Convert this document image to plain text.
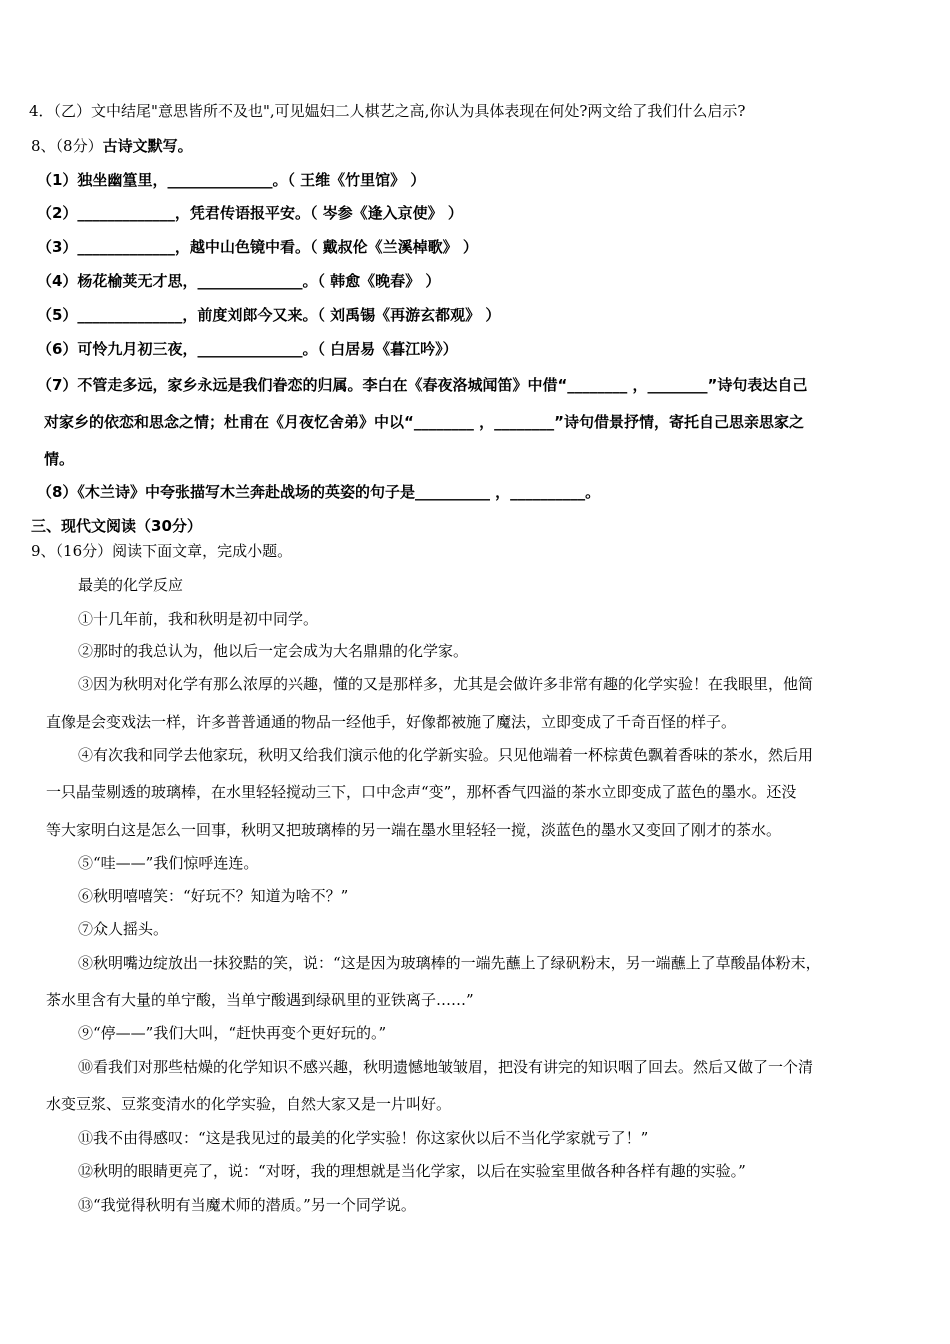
4．（乙）文中结尾"意思皆所不及也",可见媪妇二人棋艺之高,你认为具体表现在何处?两文给了我们什么启示?
8、（8分）古诗文默写。
（1）独坐幽篁里，______________。（ 王维《竹里馆》 ）
（2）_____________，凭君传语报平安。（ 岑参《逢入京使》 ）
（3）_____________，越中山色镜中看。（ 戴叔伦《兰溪棹歌》 ）
（4）杨花榆荚无才思，______________。（ 韩愈《晚春》 ）
（5）______________，前度刘郎今又来。（ 刘禹锡《再游玄都观》 ）
（6）可怜九月初三夜，______________。（ 白居易《暮江吟》）
（7）不管走多远，家乡永远是我们眷恋的归属。李白在《春夜洛城闻笛》中借“________ ，________”诗句表达自己
对家乡的依恋和思念之情；杜甫在《月夜忆舍弟》中以“________ ，________”诗句借景抒情，寄托自己思亲思家之
情。
（8）《木兰诗》中夸张描写木兰奔赴战场的英姿的句子是__________ ，__________。
三、现代文阅读（30分）
9、（16分）阅读下面文章，完成小题。
最美的化学反应
①十几年前，我和秋明是初中同学。
②那时的我总认为，他以后一定会成为大名鼎鼎的化学家。
③因为秋明对化学有那么浓厚的兴趣，懂的又是那样多，尤其是会做许多非常有趣的化学实验！在我眼里，他简
直像是会变戏法一样，许多普普通通的物品一经他手，好像都被施了魔法，立即变成了千奇百怪的样子。
④有次我和同学去他家玩，秋明又给我们演示他的化学新实验。只见他端着一杯棕黄色飘着香味的茶水，然后用
一只晶莹剔透的玻璃棒，在水里轻轻搅动三下，口中念声“变”，那杯香气四溢的茶水立即变成了蓝色的墨水。还没
等大家明白这是怎么一回事，秋明又把玻璃棒的另一端在墨水里轻轻一搅，淡蓝色的墨水又变回了刚才的茶水。
⑤“哇——”我们惊呼连连。
⑥秋明嘻嘻笑：“好玩不？知道为啥不？”
⑦众人摇头。
⑧秋明嘴边绽放出一抹狡黠的笑，说：“这是因为玻璃棒的一端先蘸上了绿矾粉末，另一端蘸上了草酸晶体粉末，
茶水里含有大量的单宁酸，当单宁酸遇到绿矾里的亚铁离子……”
⑨“停——”我们大叫，“赶快再变个更好玩的。”
⑩看我们对那些枯燥的化学知识不感兴趣，秋明遗憾地皱皱眉，把没有讲完的知识咽了回去。然后又做了一个清
水变豆浆、豆浆变清水的化学实验，自然大家又是一片叫好。
⑪我不由得感叹：“这是我见过的最美的化学实验！你这家伙以后不当化学家就亏了！”
⑫秋明的眼睛更亮了，说：“对呀，我的理想就是当化学家，以后在实验室里做各种各样有趣的实验。”
⑬“我觉得秋明有当魔术师的潜质。”另一个同学说。
